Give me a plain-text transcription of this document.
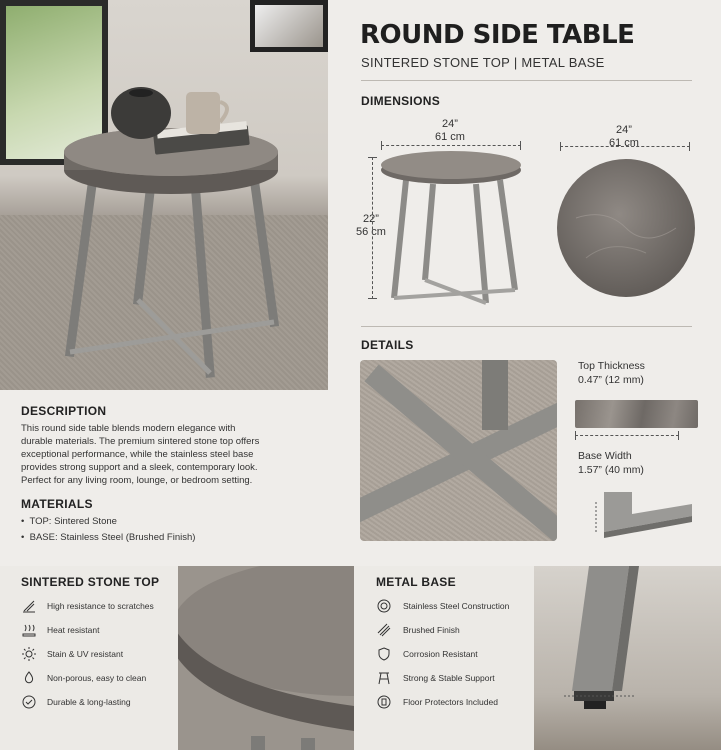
ROUND SIDE TABLE
SINTERED STONE TOP | METAL BASE
DIMENSIONS
24”
61 cm
24”
61 cm
22”
56 cm
DESCRIPTION
This round side table blends modern elegance with
durable materials. The premium sintered stone top offers
exceptional performance, while the stainless steel base
provides strong support and a sleek, contemporary look.
Perfect for any living room, lounge, or bedroom setting.
MATERIALS
•  TOP: Sintered Stone
•  BASE: Stainless Steel (Brushed Finish)
DETAILS
Top Thickness
0.47” (12 mm)
Base Width
1.57” (40 mm)
SINTERED STONE TOP
High resistance to scratches
Heat resistant
Stain & UV resistant
Non-porous, easy to clean
Durable & long-lasting
METAL BASE
Stainless Steel Construction
Brushed Finish
Corrosion Resistant
Strong & Stable Support
Floor Protectors Included
